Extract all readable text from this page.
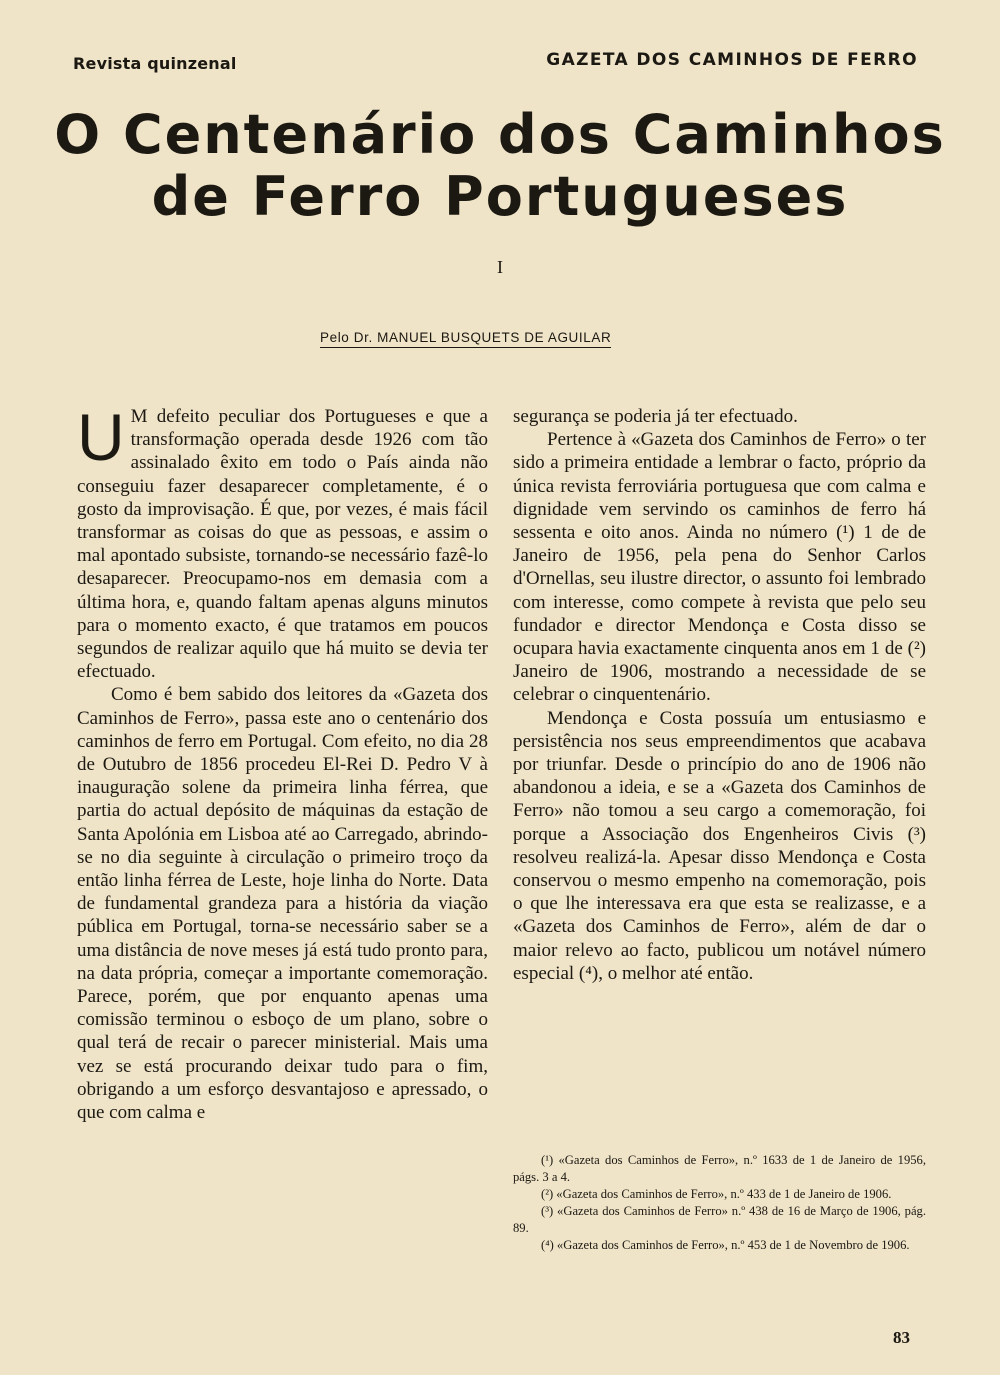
Revista quinzenal	GAZETA DOS CAMINHOS DE FERRO
O Centenário dos Caminhos de Ferro Portugueses
I
Pelo Dr. MANUEL BUSQUETS DE AGUILAR

U M defeito peculiar dos Portugueses e que a transformação operada desde 1926 com tão assinalado êxito em todo o País ainda não conseguiu fazer desaparecer completamente, é o gosto da improvisação. É que, por vezes, é mais fácil transformar as coisas do que as pessoas, e assim o mal apontado subsiste, tornando-se necessário fazê-lo desaparecer. Preocupamo-nos em demasia com a última hora, e, quando faltam apenas alguns minutos para o momento exacto, é que tratamos em poucos segundos de realizar aquilo que há muito se devia ter efectuado.

Como é bem sabido dos leitores da «Gazeta dos Caminhos de Ferro», passa este ano o centenário dos caminhos de ferro em Portugal. Com efeito, no dia 28 de Outubro de 1856 procedeu El-Rei D. Pedro V à inauguração solene da primeira linha férrea, que partia do actual depósito de máquinas da estação de Santa Apolónia em Lisboa até ao Carregado, abrindo-se no dia seguinte à circulação o primeiro troço da então linha férrea de Leste, hoje linha do Norte. Data de fundamental grandeza para a história da viação pública em Portugal, torna-se necessário saber se a uma distância de nove meses já está tudo pronto para, na data própria, começar a importante comemoração. Parece, porém, que por enquanto apenas uma comissão terminou o esboço de um plano, sobre o qual terá de recair o parecer ministerial. Mais uma vez se está procurando deixar tudo para o fim, obrigando a um esforço desvantajoso e apressado, o que com calma e

segurança se poderia já ter efectuado.

Pertence à «Gazeta dos Caminhos de Ferro» o ter sido a primeira entidade a lembrar o facto, próprio da única revista ferroviária portuguesa que com calma e dignidade vem servindo os caminhos de ferro há sessenta e oito anos. Ainda no número (¹) 1 de de Janeiro de 1956, pela pena do Senhor Carlos d'Ornellas, seu ilustre director, o assunto foi lembrado com interesse, como compete à revista que pelo seu fundador e director Mendonça e Costa disso se ocupara havia exactamente cinquenta anos em 1 de (²) Janeiro de 1906, mostrando a necessidade de se celebrar o cinquentenário.

Mendonça e Costa possuía um entusiasmo e persistência nos seus empreendimentos que acabava por triunfar. Desde o princípio do ano de 1906 não abandonou a ideia, e se a «Gazeta dos Caminhos de Ferro» não tomou a seu cargo a comemoração, foi porque a Associação dos Engenheiros Civis (³) resolveu realizá-la. Apesar disso Mendonça e Costa conservou o mesmo empenho na comemoração, pois o que lhe interessava era que esta se realizasse, e a «Gazeta dos Caminhos de Ferro», além de dar o maior relevo ao facto, publicou um notável número especial (⁴), o melhor até então.

(¹) «Gazeta dos Caminhos de Ferro», n.º 1633 de 1 de Janeiro de 1956, págs. 3 a 4.

(²) «Gazeta dos Caminhos de Ferro», n.º 433 de 1 de Janeiro de 1906.

(³) «Gazeta dos Caminhos de Ferro» n.º 438 de 16 de Março de 1906, pág. 89.

(⁴) «Gazeta dos Caminhos de Ferro», n.º 453 de 1 de Novembro de 1906.

83
